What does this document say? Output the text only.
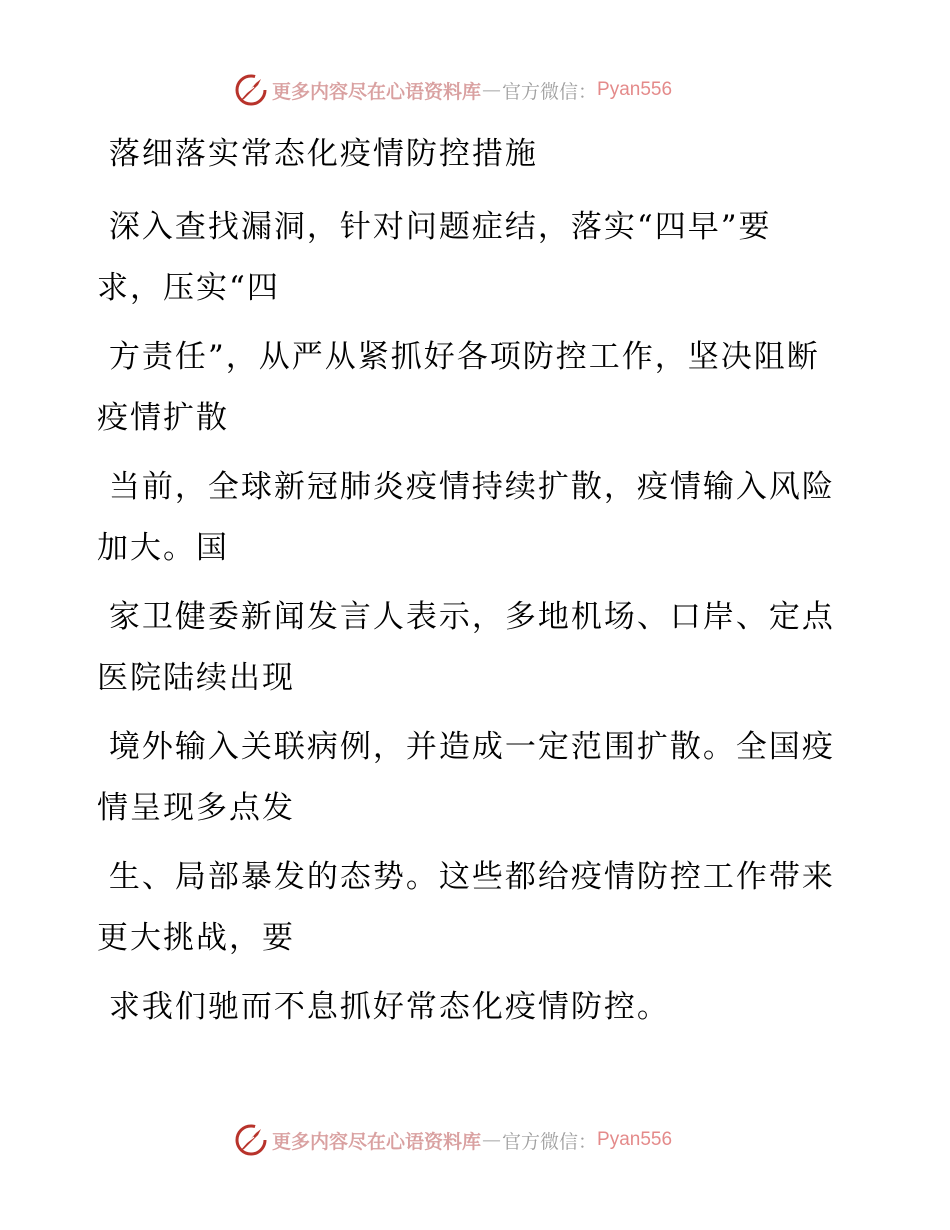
更多内容尽在心语资料库 — 官方微信： Pyan556

落细落实常态化疫情防控措施

深入查找漏洞，针对问题症结，落实“四早”要求，压实“四

方责任”，从严从紧抓好各项防控工作，坚决阻断疫情扩散

当前，全球新冠肺炎疫情持续扩散，疫情输入风险加大。国

家卫健委新闻发言人表示，多地机场、口岸、定点医院陆续出现

境外输入关联病例，并造成一定范围扩散。全国疫情呈现多点发

生、局部暴发的态势。这些都给疫情防控工作带来更大挑战，要

求我们驰而不息抓好常态化疫情防控。

更多内容尽在心语资料库 — 官方微信： Pyan556
